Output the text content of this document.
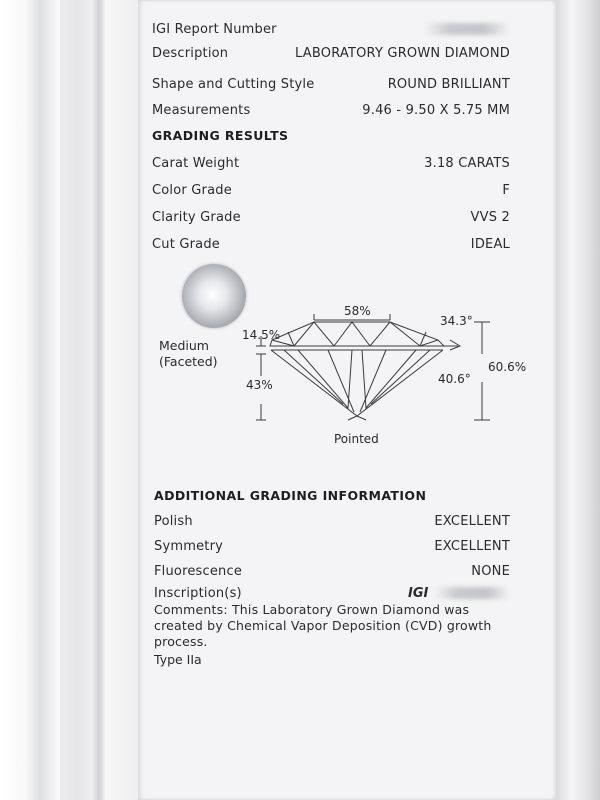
IGI Report Number
Description	LABORATORY GROWN DIAMOND
Shape and Cutting Style	ROUND BRILLIANT
Measurements	9.46 - 9.50 X 5.75 MM
GRADING RESULTS
Carat Weight	3.18 CARATS
Color Grade	F
Clarity Grade	VVS 2
Cut Grade	IDEAL
58%
34.3°
14.5%
Medium
(Faceted)	60.6%
40.6°
43%
Pointed
ADDITIONAL GRADING INFORMATION
Polish	EXCELLENT
Symmetry	EXCELLENT
Fluorescence	NONE
Inscription(s)	IGI
Comments: This Laboratory Grown Diamond was created by Chemical Vapor Deposition (CVD) growth process.
Type IIa
